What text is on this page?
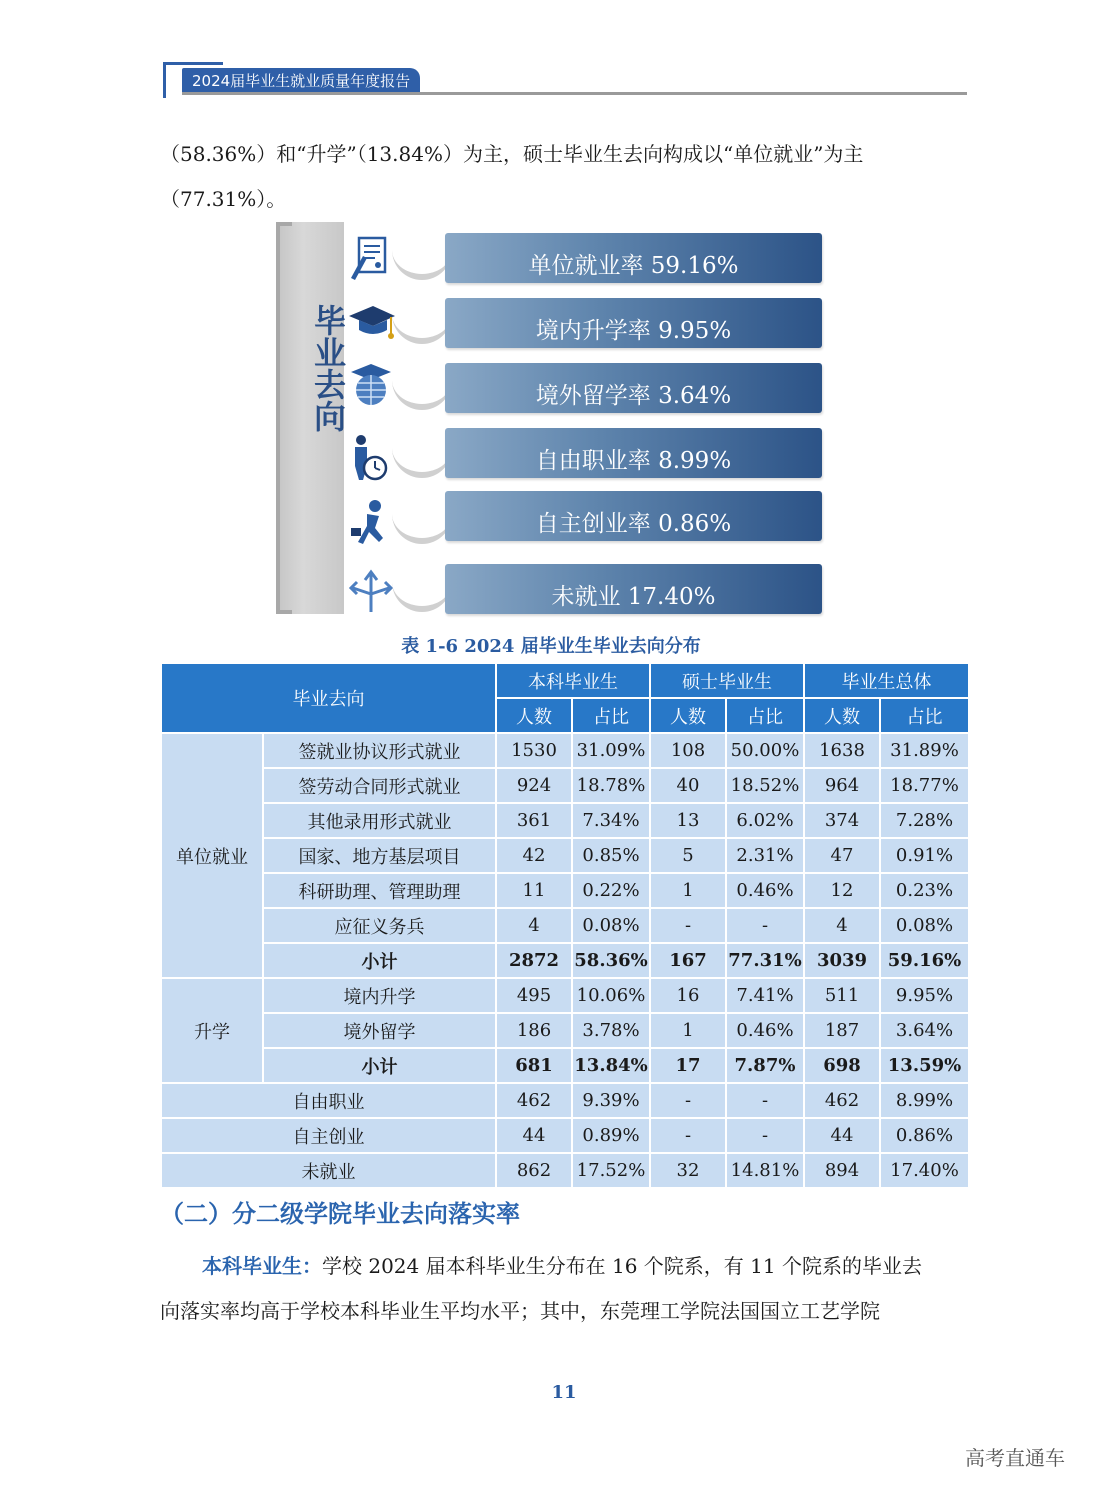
2024届毕业生就业质量年度报告
（58.36%）和“升学”（13.84%）为主，硕士毕业生去向构成以“单位就业”为主
（77.31%）。
毕业去向
单位就业率 59.16%
境内升学率 9.95%
境外留学率 3.64%
自由职业率 8.99%
自主创业率 0.86%
未就业 17.40%
表 1-6 2024 届毕业生毕业去向分布
毕业去向		本科毕业生		硕士毕业生		毕业生总体	
		人数	占比	人数	占比	人数	占比
单位就业	签就业协议形式就业	1530	31.09%	108	50.00%	1638	31.89%
	签劳动合同形式就业	924	18.78%	40	18.52%	964	18.77%
	其他录用形式就业	361	7.34%	13	6.02%	374	7.28%
	国家、地方基层项目	42	0.85%	5	2.31%	47	0.91%
	科研助理、管理助理	11	0.22%	1	0.46%	12	0.23%
	应征义务兵	4	0.08%	-	-	4	0.08%
	小计	2872	58.36%	167	77.31%	3039	59.16%
升学	境内升学	495	10.06%	16	7.41%	511	9.95%
	境外留学	186	3.78%	1	0.46%	187	3.64%
	小计	681	13.84%	17	7.87%	698	13.59%
自由职业		462	9.39%	-	-	462	8.99%
自主创业		44	0.89%	-	-	44	0.86%
未就业		862	17.52%	32	14.81%	894	17.40%
（二）分二级学院毕业去向落实率
本科毕业生：学校 2024 届本科毕业生分布在 16 个院系，有 11 个院系的毕业去
向落实率均高于学校本科毕业生平均水平；其中，东莞理工学院法国国立工艺学院
11
高考直通车
